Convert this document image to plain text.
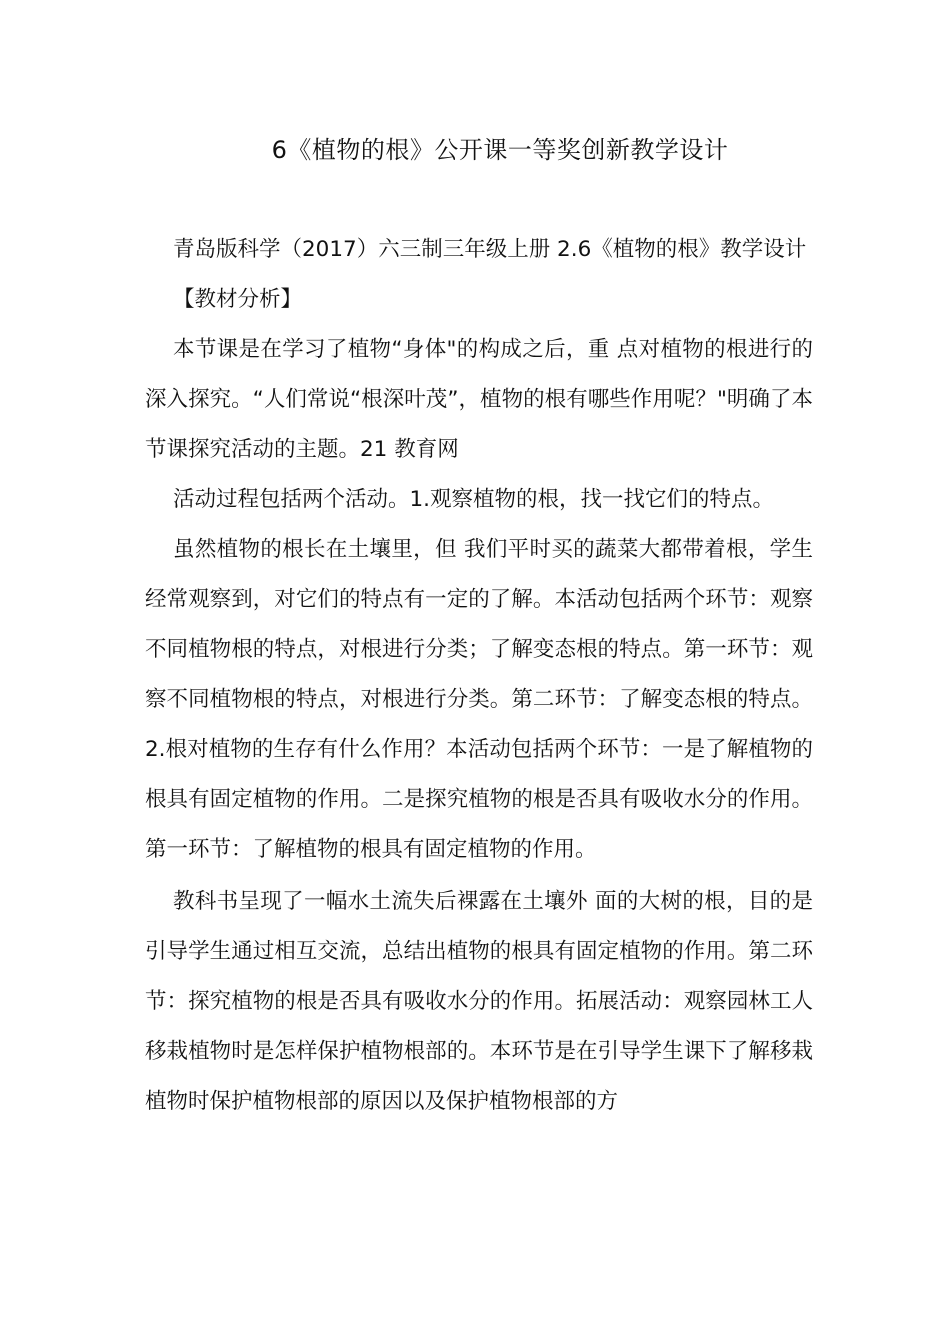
6《植物的根》公开课一等奖创新教学设计

青岛版科学（2017）六三制三年级上册 2.6《植物的根》教学设计

【教材分析】

本节课是在学习了植物“身体"的构成之后，重 点对植物的根进行的深入探究。“人们常说“根深叶茂”，植物的根有哪些作用呢？"明确了本节课探究活动的主题。21 教育网

活动过程包括两个活动。1.观察植物的根，找一找它们的特点。

虽然植物的根长在土壤里，但 我们平时买的蔬菜大都带着根，学生经常观察到，对它们的特点有一定的了解。本活动包括两个环节：观察不同植物根的特点，对根进行分类；了解变态根的特点。第一环节：观察不同植物根的特点，对根进行分类。第二环节：了解变态根的特点。2.根对植物的生存有什么作用？本活动包括两个环节：一是了解植物的根具有固定植物的作用。二是探究植物的根是否具有吸收水分的作用。第一环节：了解植物的根具有固定植物的作用。

教科书呈现了一幅水土流失后裸露在土壤外 面的大树的根，目的是引导学生通过相互交流，总结出植物的根具有固定植物的作用。第二环节：探究植物的根是否具有吸收水分的作用。拓展活动：观察园林工人移栽植物时是怎样保护植物根部的。本环节是在引导学生课下了解移栽植物时保护植物根部的原因以及保护植物根部的方
